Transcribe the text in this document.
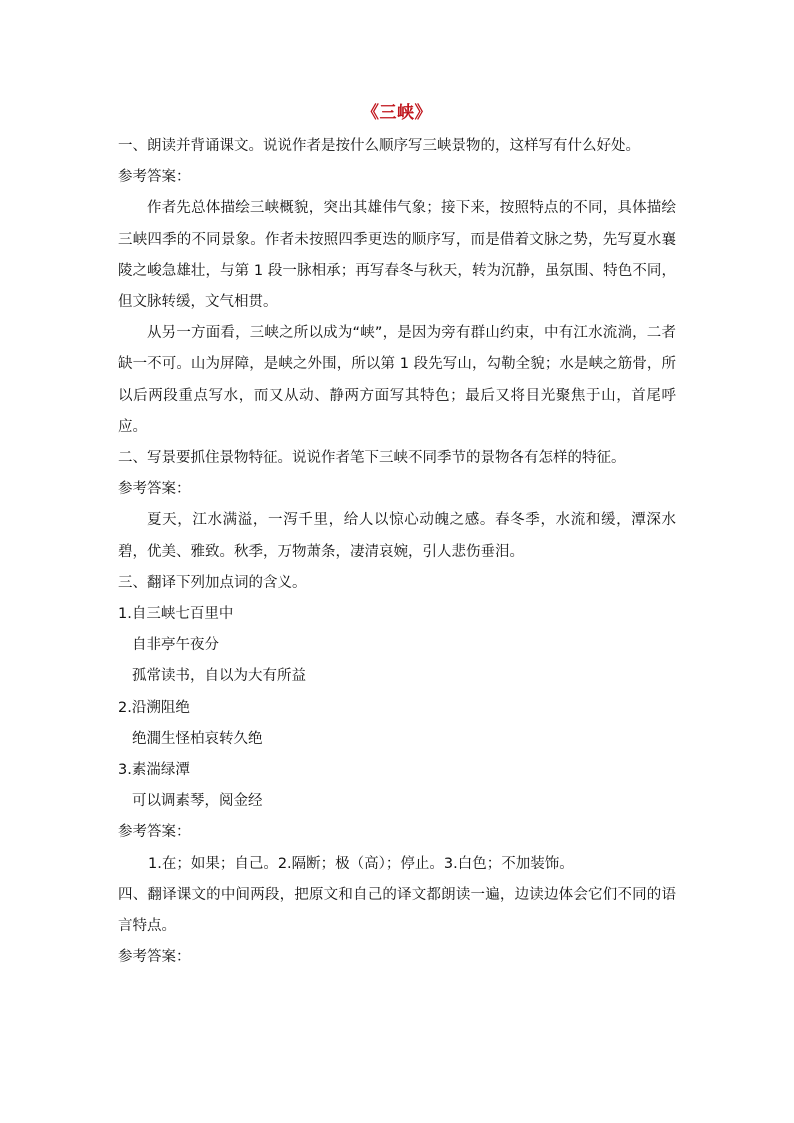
《三峡》

一、朗读并背诵课文。说说作者是按什么顺序写三峡景物的，这样写有什么好处。

参考答案：

作者先总体描绘三峡概貌，突出其雄伟气象；接下来，按照特点的不同，具体描绘三峡四季的不同景象。作者未按照四季更迭的顺序写，而是借着文脉之势，先写夏水襄陵之峻急雄壮，与第 1 段一脉相承；再写春冬与秋天，转为沉静，虽氛围、特色不同，但文脉转缓，文气相贯。

从另一方面看，三峡之所以成为“峡”，是因为旁有群山约束，中有江水流淌，二者缺一不可。山为屏障，是峡之外围，所以第 1 段先写山，勾勒全貌；水是峡之筋骨，所以后两段重点写水，而又从动、静两方面写其特色；最后又将目光聚焦于山，首尾呼应。

二、写景要抓住景物特征。说说作者笔下三峡不同季节的景物各有怎样的特征。

参考答案：

夏天，江水满溢，一泻千里，给人以惊心动魄之感。春冬季，水流和缓，潭深水碧，优美、雅致。秋季，万物萧条，凄清哀婉，引人悲伤垂泪。

三、翻译下列加点词的含义。

1.自三峡七百里中

自非亭午夜分

孤常读书，自以为大有所益

2.沿溯阻绝

绝㵎生怪柏哀转久绝

3.素湍绿潭

可以调素琴，阅金经

参考答案：

1.在；如果；自己。2.隔断；极（高）；停止。3.白色；不加装饰。

四、翻译课文的中间两段，把原文和自己的译文都朗读一遍，边读边体会它们不同的语言特点。

参考答案：
